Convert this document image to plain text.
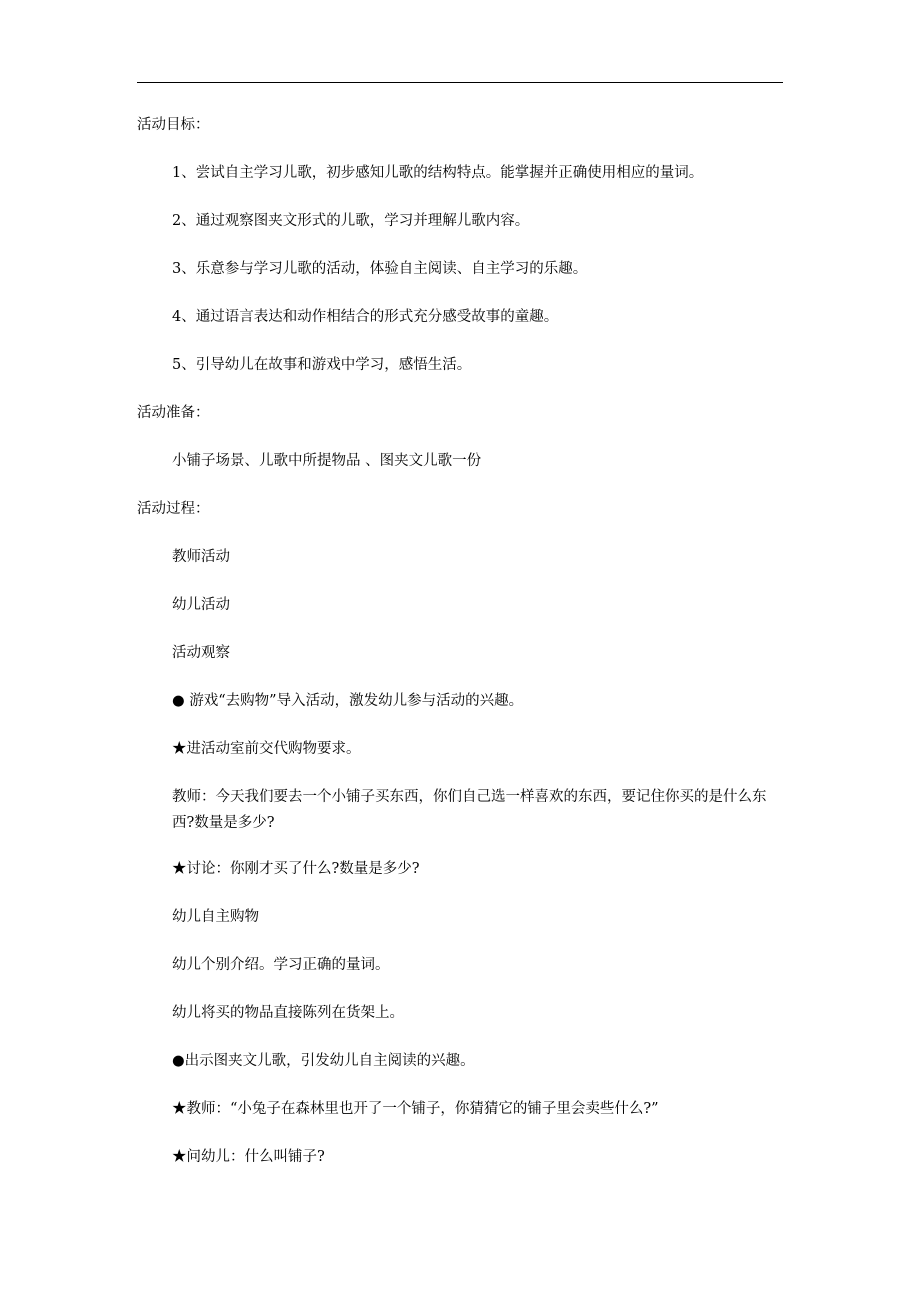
活动目标：
1、尝试自主学习儿歌，初步感知儿歌的结构特点。能掌握并正确使用相应的量词。
2、通过观察图夹文形式的儿歌，学习并理解儿歌内容。
3、乐意参与学习儿歌的活动，体验自主阅读、自主学习的乐趣。
4、通过语言表达和动作相结合的形式充分感受故事的童趣。
5、引导幼儿在故事和游戏中学习，感悟生活。
活动准备：
小铺子场景、儿歌中所提物品 、图夹文儿歌一份
活动过程：
教师活动
幼儿活动
活动观察
● 游戏“去购物”导入活动，激发幼儿参与活动的兴趣。
★进活动室前交代购物要求。
教师：今天我们要去一个小铺子买东西，你们自己选一样喜欢的东西，要记住你买的是什么东西?数量是多少?
★讨论：你刚才买了什么?数量是多少?
幼儿自主购物
幼儿个别介绍。学习正确的量词。
幼儿将买的物品直接陈列在货架上。
●出示图夹文儿歌，引发幼儿自主阅读的兴趣。
★教师：“小兔子在森林里也开了一个铺子，你猜猜它的铺子里会卖些什么?”
★问幼儿：什么叫铺子?
